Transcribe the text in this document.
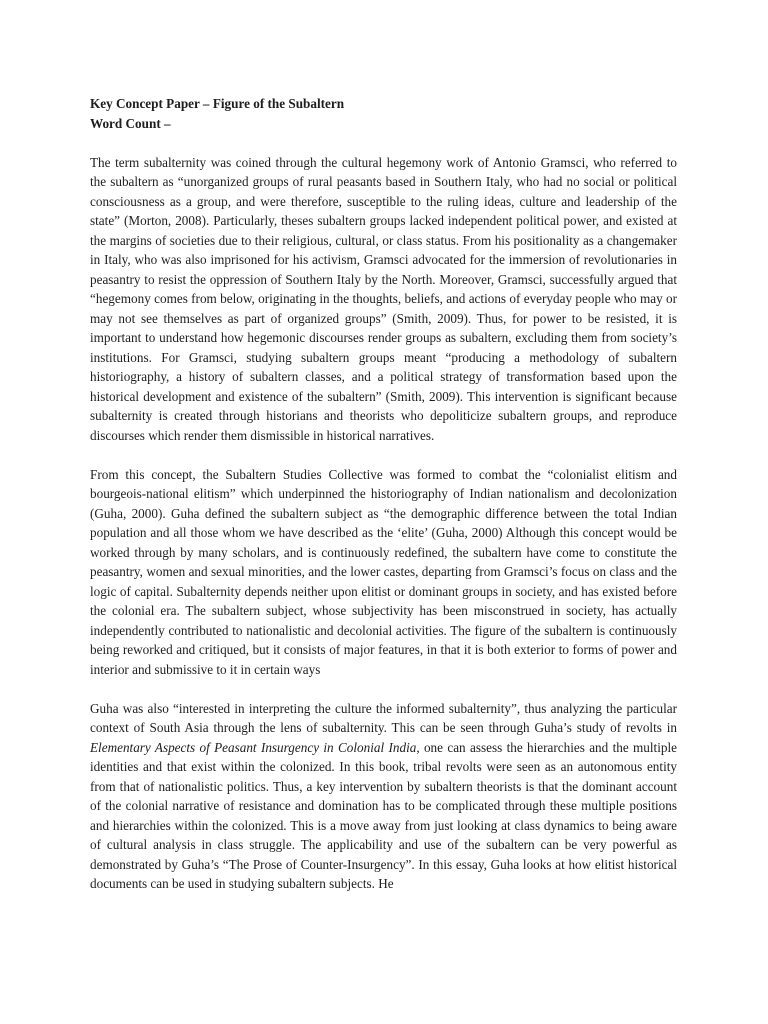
Key Concept Paper – Figure of the Subaltern
Word Count –

The term subalternity was coined through the cultural hegemony work of Antonio Gramsci, who referred to the subaltern as “unorganized groups of rural peasants based in Southern Italy, who had no social or political consciousness as a group, and were therefore, susceptible to the ruling ideas, culture and leadership of the state” (Morton, 2008). Particularly, theses subaltern groups lacked independent political power, and existed at the margins of societies due to their religious, cultural, or class status. From his positionality as a changemaker in Italy, who was also imprisoned for his activism, Gramsci advocated for the immersion of revolutionaries in peasantry to resist the oppression of Southern Italy by the North. Moreover, Gramsci, successfully argued that “hegemony comes from below, originating in the thoughts, beliefs, and actions of everyday people who may or may not see themselves as part of organized groups” (Smith, 2009). Thus, for power to be resisted, it is important to understand how hegemonic discourses render groups as subaltern, excluding them from society’s institutions. For Gramsci, studying subaltern groups meant “producing a methodology of subaltern historiography, a history of subaltern classes, and a political strategy of transformation based upon the historical development and existence of the subaltern” (Smith, 2009). This intervention is significant because subalternity is created through historians and theorists who depoliticize subaltern groups, and reproduce discourses which render them dismissible in historical narratives.

From this concept, the Subaltern Studies Collective was formed to combat the “colonialist elitism and bourgeois-national elitism” which underpinned the historiography of Indian nationalism and decolonization (Guha, 2000). Guha defined the subaltern subject as “the demographic difference between the total Indian population and all those whom we have described as the ‘elite’ (Guha, 2000) Although this concept would be worked through by many scholars, and is continuously redefined, the subaltern have come to constitute the peasantry, women and sexual minorities, and the lower castes, departing from Gramsci’s focus on class and the logic of capital. Subalternity depends neither upon elitist or dominant groups in society, and has existed before the colonial era. The subaltern subject, whose subjectivity has been misconstrued in society, has actually independently contributed to nationalistic and decolonial activities. The figure of the subaltern is continuously being reworked and critiqued, but it consists of major features, in that it is both exterior to forms of power and interior and submissive to it in certain ways

Guha was also “interested in interpreting the culture the informed subalternity”, thus analyzing the particular context of South Asia through the lens of subalternity. This can be seen through Guha’s study of revolts in Elementary Aspects of Peasant Insurgency in Colonial India, one can assess the hierarchies and the multiple identities and that exist within the colonized. In this book, tribal revolts were seen as an autonomous entity from that of nationalistic politics. Thus, a key intervention by subaltern theorists is that the dominant account of the colonial narrative of resistance and domination has to be complicated through these multiple positions and hierarchies within the colonized. This is a move away from just looking at class dynamics to being aware of cultural analysis in class struggle. The applicability and use of the subaltern can be very powerful as demonstrated by Guha’s “The Prose of Counter-Insurgency”. In this essay, Guha looks at how elitist historical documents can be used in studying subaltern subjects. He
